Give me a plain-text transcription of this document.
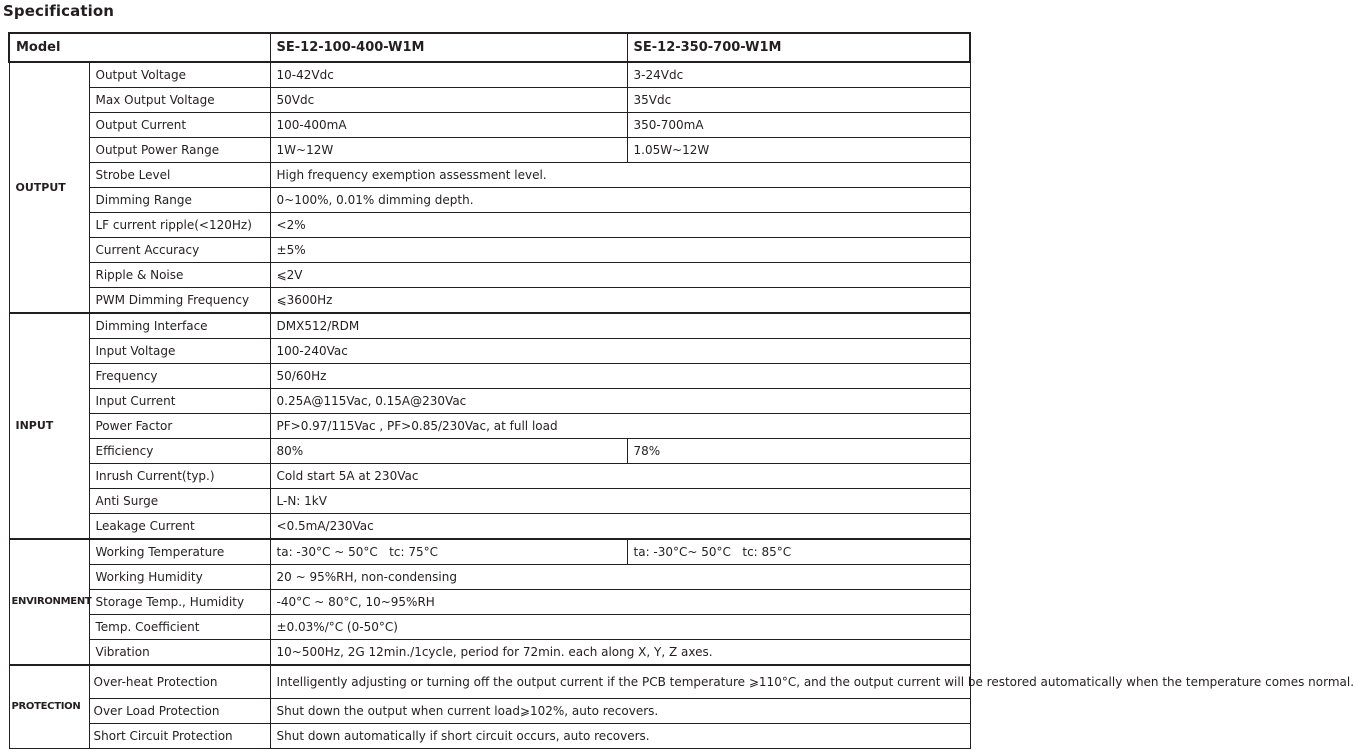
Specification
Model		SE-12-100-400-W1M	SE-12-350-700-W1M
OUTPUT	Output Voltage	10-42Vdc	3-24Vdc
	Max Output Voltage	50Vdc	35Vdc
	Output Current	100-400mA	350-700mA
	Output Power Range	1W~12W	1.05W~12W
	Strobe Level	High frequency exemption assessment level.	
	Dimming Range	0~100%, 0.01% dimming depth.	
	LF current ripple(<120Hz)	<2%	
	Current Accuracy	±5%	
	Ripple & Noise	⩽2V	
	PWM Dimming Frequency	⩽3600Hz	
INPUT	Dimming Interface	DMX512/RDM	
	Input Voltage	100-240Vac	
	Frequency	50/60Hz	
	Input Current	0.25A@115Vac, 0.15A@230Vac	
	Power Factor	PF>0.97/115Vac , PF>0.85/230Vac, at full load	
	Efficiency	80%	78%
	Inrush Current(typ.)	Cold start 5A at 230Vac	
	Anti Surge	L-N: 1kV	
	Leakage Current	<0.5mA/230Vac	
ENVIRONMENT	Working Temperature	ta: -30°C ~ 50°C   tc: 75°C	ta: -30°C~ 50°C   tc: 85°C
	Working Humidity	20 ~ 95%RH, non-condensing	
	Storage Temp., Humidity	-40°C ~ 80°C, 10~95%RH	
	Temp. Coefficient	±0.03%/°C (0-50°C)	
	Vibration	10~500Hz, 2G 12min./1cycle, period for 72min. each along X, Y, Z axes.	
PROTECTION	Over-heat Protection	Intelligently adjusting or turning off the output current if the PCB temperature ⩾110°C, and the output current will be restored automatically when the temperature comes normal.	
	Over Load Protection	Shut down the output when current load⩾102%, auto recovers.	
	Short Circuit Protection	Shut down automatically if short circuit occurs, auto recovers.	
